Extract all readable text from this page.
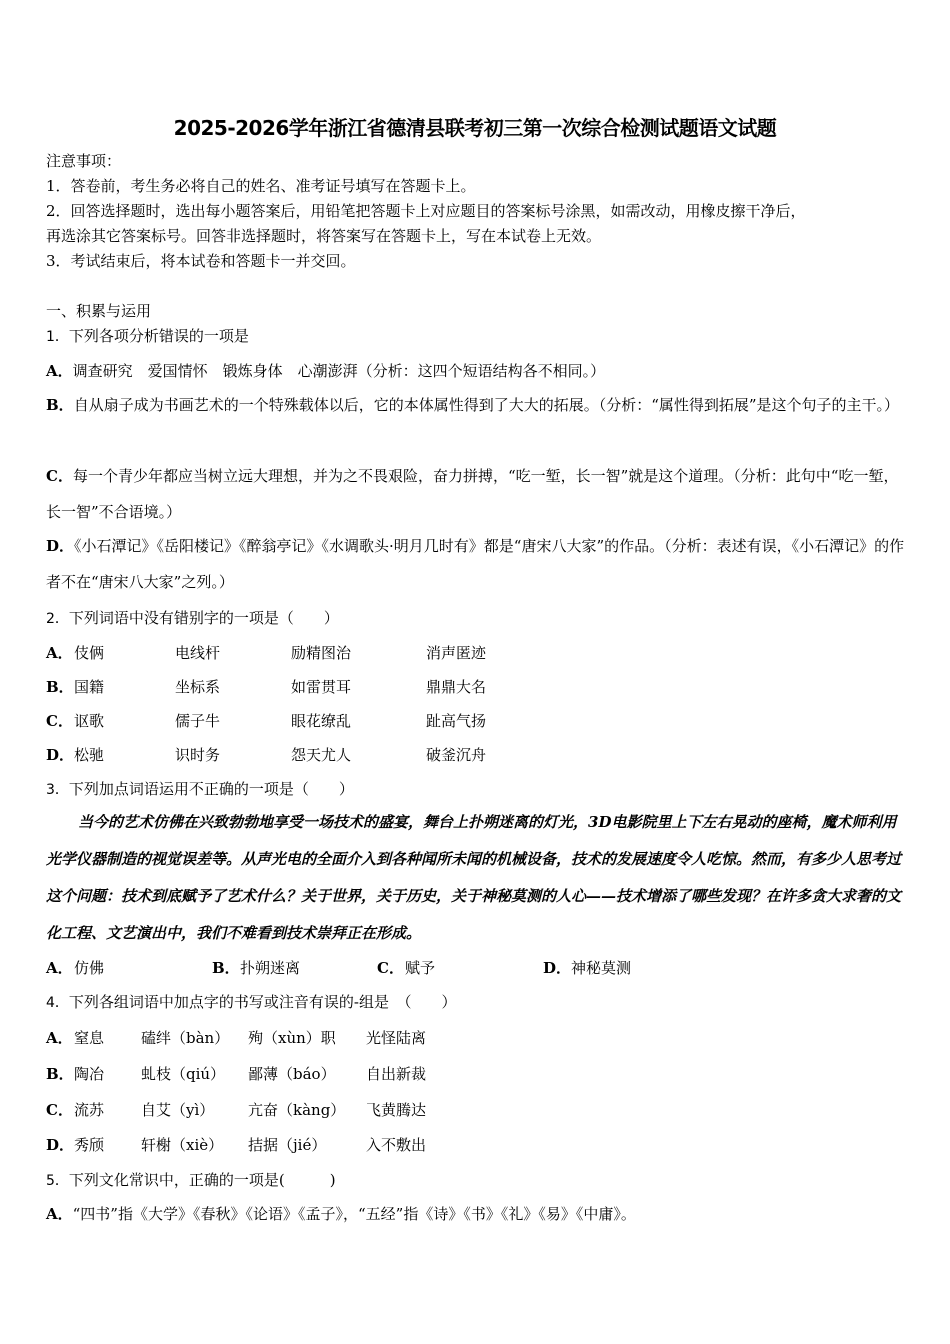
2025-2026学年浙江省德清县联考初三第一次综合检测试题语文试题
注意事项：
1．答卷前，考生务必将自己的姓名、准考证号填写在答题卡上。
2．回答选择题时，选出每小题答案后，用铅笔把答题卡上对应题目的答案标号涂黑，如需改动，用橡皮擦干净后，
再选涂其它答案标号。回答非选择题时，将答案写在答题卡上，写在本试卷上无效。
3．考试结束后，将本试卷和答题卡一并交回。
一、积累与运用
1．下列各项分析错误的一项是
A．调查研究　爱国情怀　锻炼身体　心潮澎湃（分析：这四个短语结构各不相同。）
B．自从扇子成为书画艺术的一个特殊载体以后，它的本体属性得到了大大的拓展。（分析：“属性得到拓展”是这个句子的主干。）
C．每一个青少年都应当树立远大理想，并为之不畏艰险，奋力拼搏，“吃一堑，长一智”就是这个道理。（分析：此句中“吃一堑，长一智”不合语境。）
D．《小石潭记》《岳阳楼记》《醉翁亭记》《水调歌头·明月几时有》都是“唐宋八大家”的作品。（分析：表述有误，《小石潭记》的作者不在“唐宋八大家”之列。）
2．下列词语中没有错别字的一项是（　　）
A． 伎俩	电线杆	励精图治	消声匿迹
B． 国籍	坐标系	如雷贯耳	鼎鼎大名
C． 讴歌	儒子牛	眼花缭乱	趾高气扬
D． 松驰	识时务	怨天尤人	破釜沉舟
3．下列加点词语运用不正确的一项是（　　）
当今的艺术仿佛在兴致勃勃地享受一场技术的盛宴，舞台上扑朔迷离的灯光，3D电影院里上下左右晃动的座椅，魔术师利用光学仪器制造的视觉误差等。从声光电的全面介入到各种闻所未闻的机械设备，技术的发展速度令人吃惊。然而，有多少人思考过这个问题：技术到底赋予了艺术什么？关于世界，关于历史，关于神秘莫测的人心——技术增添了哪些发现？在许多贪大求奢的文化工程、文艺演出中，我们不难看到技术崇拜正在形成。
A． 仿佛	B． 扑朔迷离	C． 赋予	D． 神秘莫测
4．下列各组词语中加点字的书写或注音有误的-组是　（　　）
A． 窒息 磕绊（bàn） 殉（xùn）职 光怪陆离
B． 陶冶 虬枝（qiú） 鄙薄（báo） 自出新裁
C． 流苏 自艾（yì） 亢奋（kàng） 飞黄腾达
D． 秀颀 轩榭（xiè） 拮据（jié）	入不敷出
5．下列文化常识中，正确的一项是(　　　)
A．“四书”指《大学》《春秋》《论语》《孟子》，“五经”指《诗》《书》《礼》《易》《中庸》。
